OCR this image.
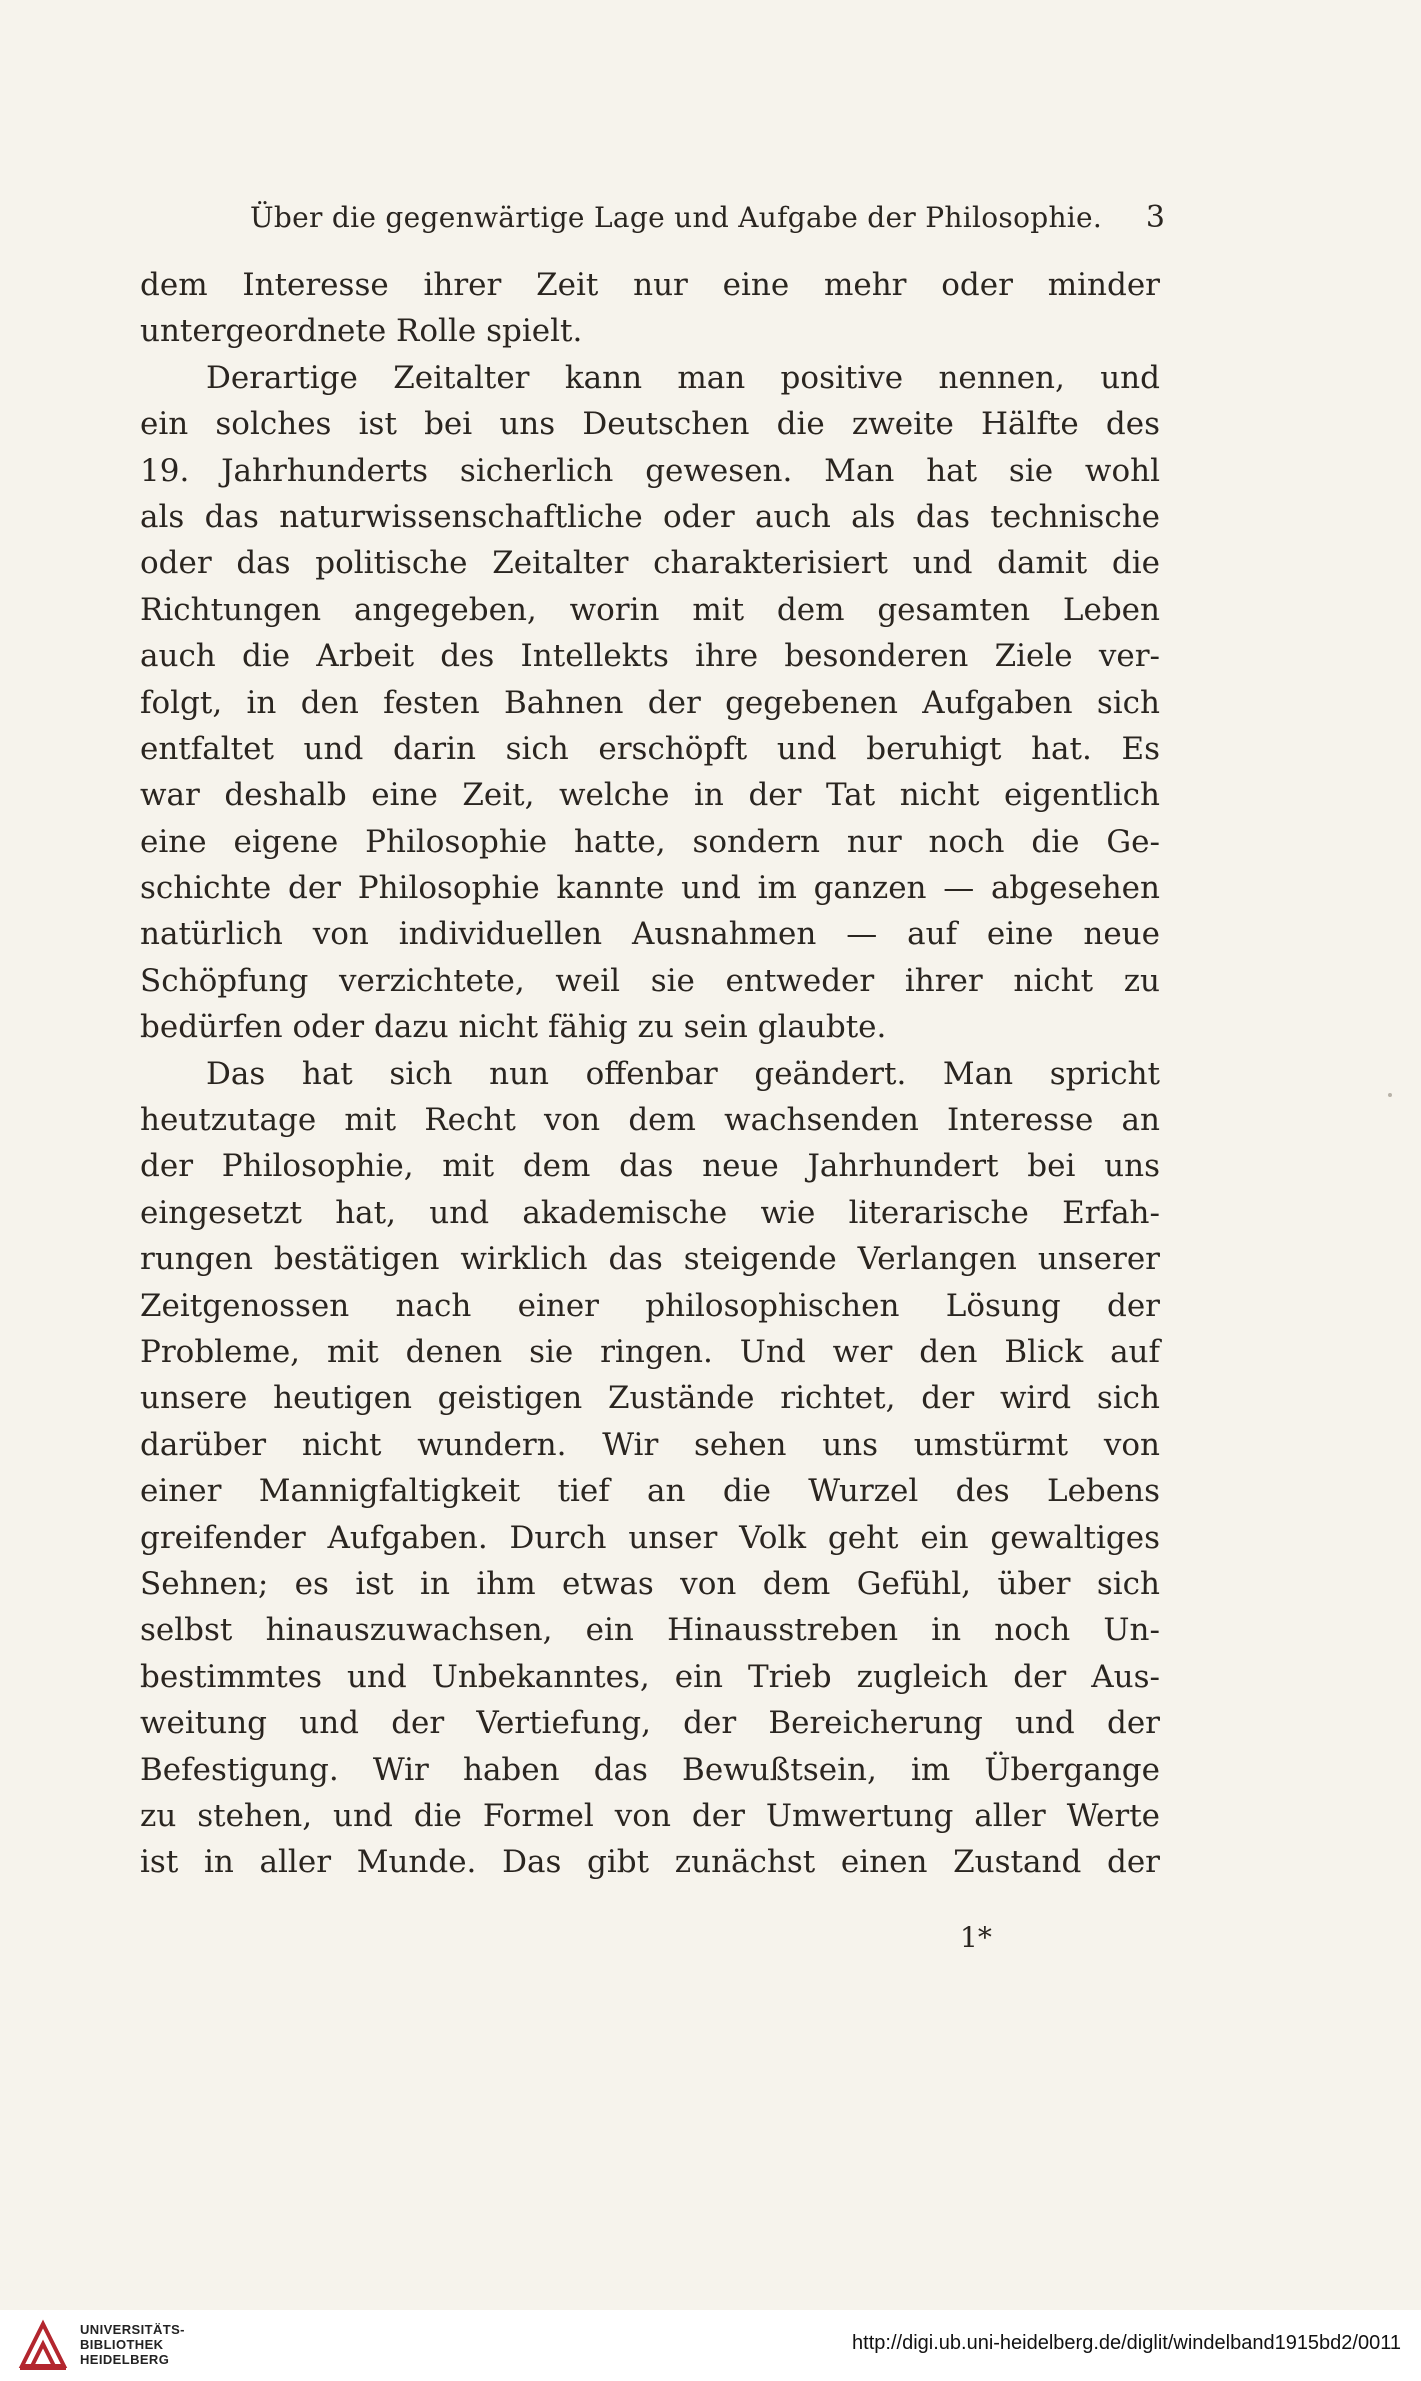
Über die gegenwärtige Lage und Aufgabe der Philosophie. 3
dem Interesse ihrer Zeit nur eine mehr oder minder
untergeordnete Rolle spielt.
Derartige Zeitalter kann man positive nennen, und
ein solches ist bei uns Deutschen die zweite Hälfte des
19. Jahrhunderts sicherlich gewesen. Man hat sie wohl
als das naturwissenschaftliche oder auch als das technische
oder das politische Zeitalter charakterisiert und damit die
Richtungen angegeben, worin mit dem gesamten Leben
auch die Arbeit des Intellekts ihre besonderen Ziele ver-
folgt, in den festen Bahnen der gegebenen Aufgaben sich
entfaltet und darin sich erschöpft und beruhigt hat. Es
war deshalb eine Zeit, welche in der Tat nicht eigentlich
eine eigene Philosophie hatte, sondern nur noch die Ge-
schichte der Philosophie kannte und im ganzen — abgesehen
natürlich von individuellen Ausnahmen — auf eine neue
Schöpfung verzichtete, weil sie entweder ihrer nicht zu
bedürfen oder dazu nicht fähig zu sein glaubte.
Das hat sich nun offenbar geändert. Man spricht
heutzutage mit Recht von dem wachsenden Interesse an
der Philosophie, mit dem das neue Jahrhundert bei uns
eingesetzt hat, und akademische wie literarische Erfah-
rungen bestätigen wirklich das steigende Verlangen unserer
Zeitgenossen nach einer philosophischen Lösung der
Probleme, mit denen sie ringen. Und wer den Blick auf
unsere heutigen geistigen Zustände richtet, der wird sich
darüber nicht wundern. Wir sehen uns umstürmt von
einer Mannigfaltigkeit tief an die Wurzel des Lebens
greifender Aufgaben. Durch unser Volk geht ein gewaltiges
Sehnen; es ist in ihm etwas von dem Gefühl, über sich
selbst hinauszuwachsen, ein Hinausstreben in noch Un-
bestimmtes und Unbekanntes, ein Trieb zugleich der Aus-
weitung und der Vertiefung, der Bereicherung und der
Befestigung. Wir haben das Bewußtsein, im Übergange
zu stehen, und die Formel von der Umwertung aller Werte
ist in aller Munde. Das gibt zunächst einen Zustand der
1*
UNIVERSITÄTS-
BIBLIOTHEK
HEIDELBERG
http://digi.ub.uni-heidelberg.de/diglit/windelband1915bd2/0011
